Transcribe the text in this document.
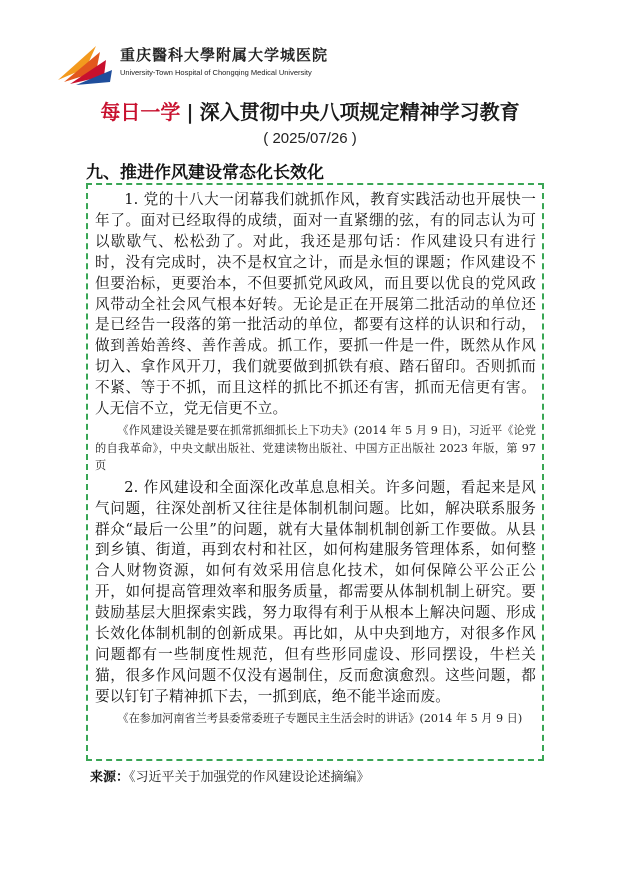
重庆醫科大學附属大学城医院
University-Town Hospital of Chongqing Medical University
每日一学 | 深入贯彻中央八项规定精神学习教育
( 2025/07/26 )
九、推进作风建设常态化长效化

1. 党的十八大一闭幕我们就抓作风，教育实践活动也开展快一年了。面对已经取得的成绩，面对一直紧绷的弦，有的同志认为可以歇歇气、松松劲了。对此，我还是那句话：作风建设只有进行时，没有完成时，决不是权宜之计，而是永恒的课题；作风建设不但要治标，更要治本，不但要抓党风政风，而且要以优良的党风政风带动全社会风气根本好转。无论是正在开展第二批活动的单位还是已经告一段落的第一批活动的单位，都要有这样的认识和行动，做到善始善终、善作善成。抓工作，要抓一件是一件，既然从作风切入、拿作风开刀，我们就要做到抓铁有痕、踏石留印。否则抓而不紧、等于不抓，而且这样的抓比不抓还有害，抓而无信更有害。人无信不立，党无信更不立。

《作风建设关键是要在抓常抓细抓长上下功夫》(2014 年 5 月 9 日)，习近平《论党的自我革命》，中央文献出版社、党建读物出版社、中国方正出版社 2023 年版，第 97 页

2. 作风建设和全面深化改革息息相关。许多问题，看起来是风气问题，往深处剖析又往往是体制机制问题。比如，解决联系服务群众“最后一公里”的问题，就有大量体制机制创新工作要做。从县到乡镇、街道，再到农村和社区，如何构建服务管理体系，如何整合人财物资源，如何有效采用信息化技术，如何保障公平公正公开，如何提高管理效率和服务质量，都需要从体制机制上研究。要鼓励基层大胆探索实践，努力取得有利于从根本上解决问题、形成长效化体制机制的创新成果。再比如，从中央到地方，对很多作风问题都有一些制度性规范，但有些形同虚设、形同摆设，牛栏关猫，很多作风问题不仅没有遏制住，反而愈演愈烈。这些问题，都要以钉钉子精神抓下去，一抓到底，绝不能半途而废。

《在参加河南省兰考县委常委班子专题民主生活会时的讲话》(2014 年 5 月 9 日)

来源：《习近平关于加强党的作风建设论述摘编》
